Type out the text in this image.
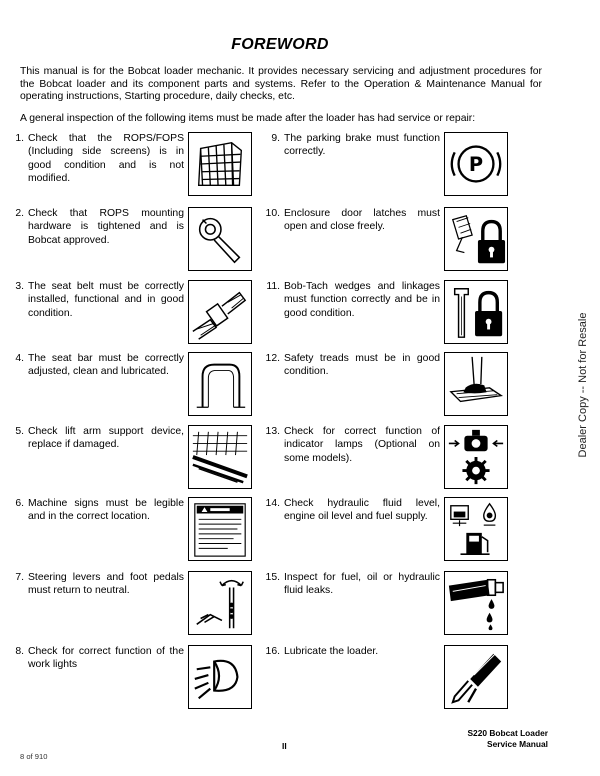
FOREWORD
This manual is for the Bobcat loader mechanic. It provides necessary servicing and adjustment procedures for the Bobcat loader and its component parts and systems. Refer to the Operation & Maintenance Manual for operating instructions, Starting procedure, daily checks, etc.
A general inspection of the following items must be made after the loader has had service or repair:
1. Check that the ROPS/FOPS (Including side screens) is in good condition and is not modified.
2. Check that ROPS mounting hardware is tightened and is Bobcat approved.
3. The seat belt must be correctly installed, functional and in good condition.
4. The seat bar must be correctly adjusted, clean and lubricated.
5. Check lift arm support device, replace if damaged.
6. Machine signs must be legible and in the correct location.
7. Steering levers and foot pedals must return to neutral.
8. Check for correct function of the work lights
9. The parking brake must function correctly.
P
10. Enclosure door latches must open and close freely.
11. Bob-Tach wedges and linkages must function correctly and be in good condition.
12. Safety treads must be in good condition.
13. Check for correct function of indicator lamps (Optional on some models).
14. Check hydraulic fluid level, engine oil level and fuel supply.
15. Inspect for fuel, oil or hydraulic fluid leaks.
16. Lubricate the loader.
Dealer Copy -- Not for Resale
S220 Bobcat Loader
Service Manual
II
8 of 910
